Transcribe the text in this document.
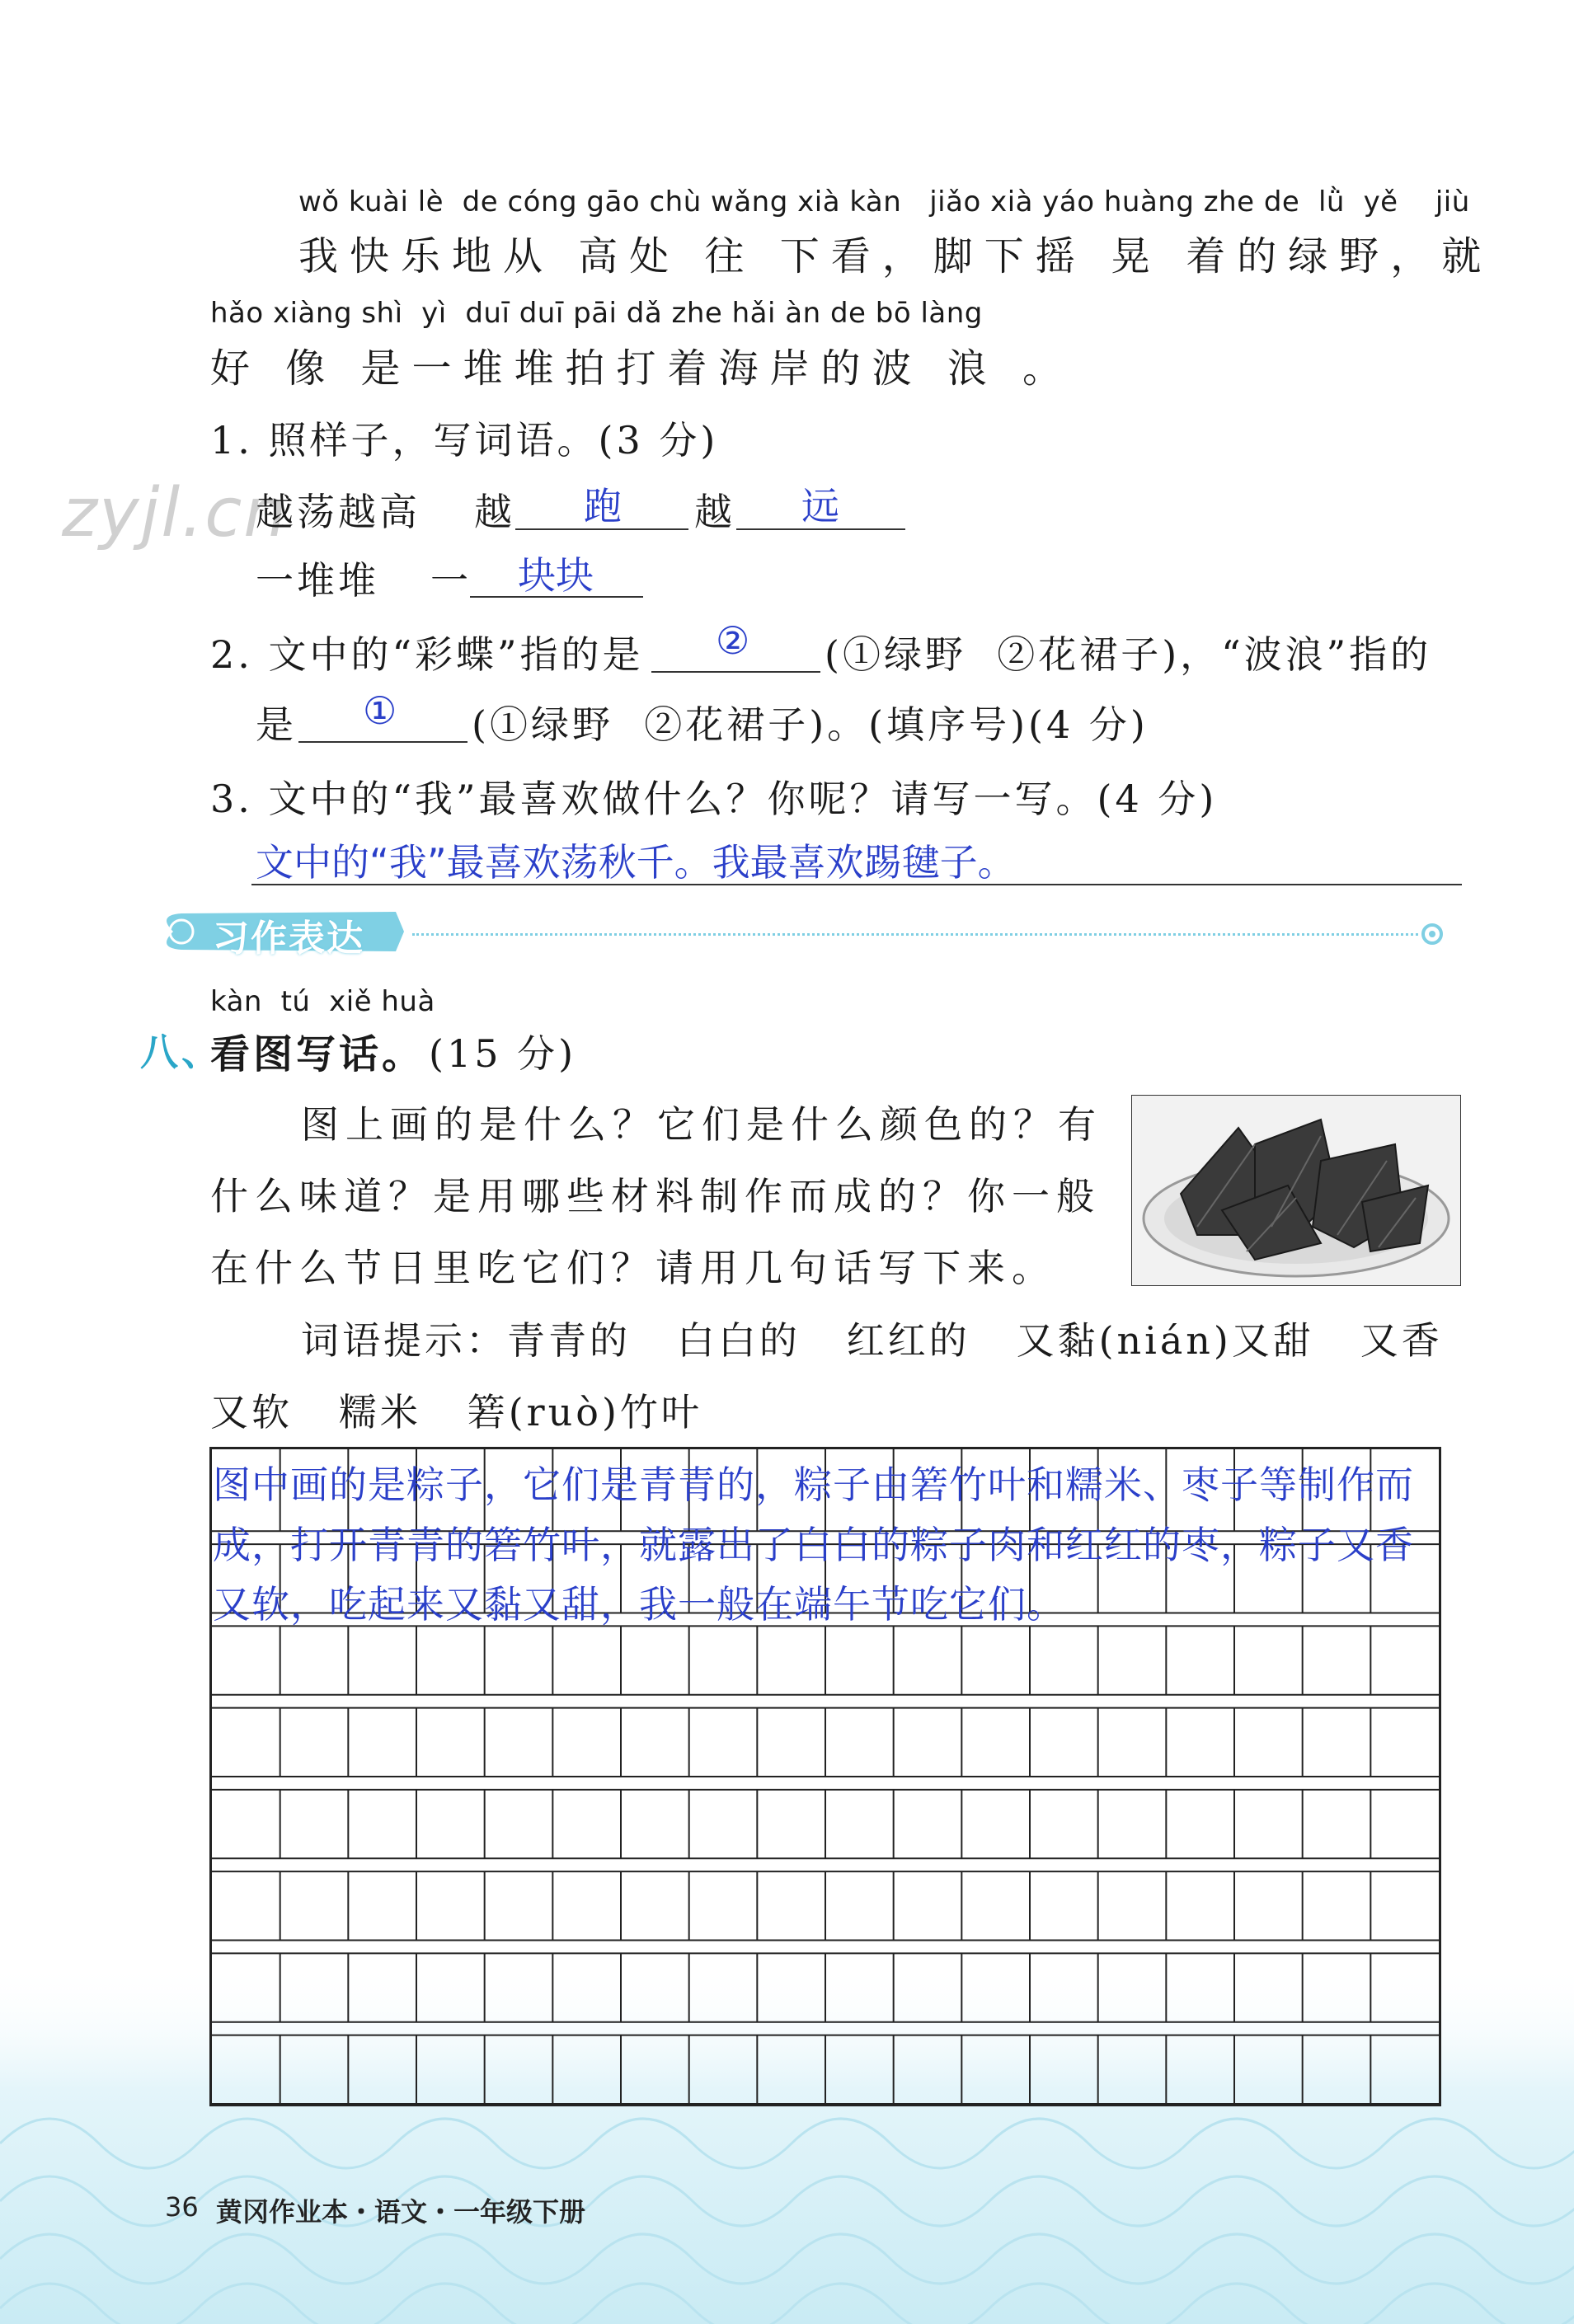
zyjl.cn
wǒ kuài lè  de cóng gāo chù wǎng xià kàn   jiǎo xià yáo huàng zhe de  lǜ  yě    jiù
我快乐地从 高处 往 下看，脚下摇 晃 着的绿野，就
hǎo xiàng shì  yì  duī duī pāi dǎ zhe hǎi àn de bō làng
好 像 是一堆堆拍打着海岸的波 浪 。
1. 照样子，写词语。(3 分)
越荡越高 越 跑 越 远
一堆堆 一 块块
2. 文中的“彩蝶”指的是 ② (①绿野  ②花裙子)，“波浪”指的
是 ① (①绿野  ②花裙子)。(填序号)(4 分)
3. 文中的“我”最喜欢做什么？你呢？请写一写。(4 分)
文中的“我”最喜欢荡秋千。我最喜欢踢毽子。
习作表达
kàn  tú  xiě huà
八、
看图写话。 (15 分)
图上画的是什么？它们是什么颜色的？有
什么味道？是用哪些材料制作而成的？你一般
在什么节日里吃它们？请用几句话写下来。
词语提示：青青的   白白的   红红的   又黏(nián)又甜   又香
又软   糯米   箬(ruò)竹叶
图中画的是粽子，它们是青青的，粽子由箬竹叶和糯米、枣子等制作而
成，打开青青的箬竹叶，就露出了白白的粽子肉和红红的枣，粽子又香
又软，吃起来又黏又甜，我一般在端午节吃它们。
36 黄冈作业本・语文・一年级下册
